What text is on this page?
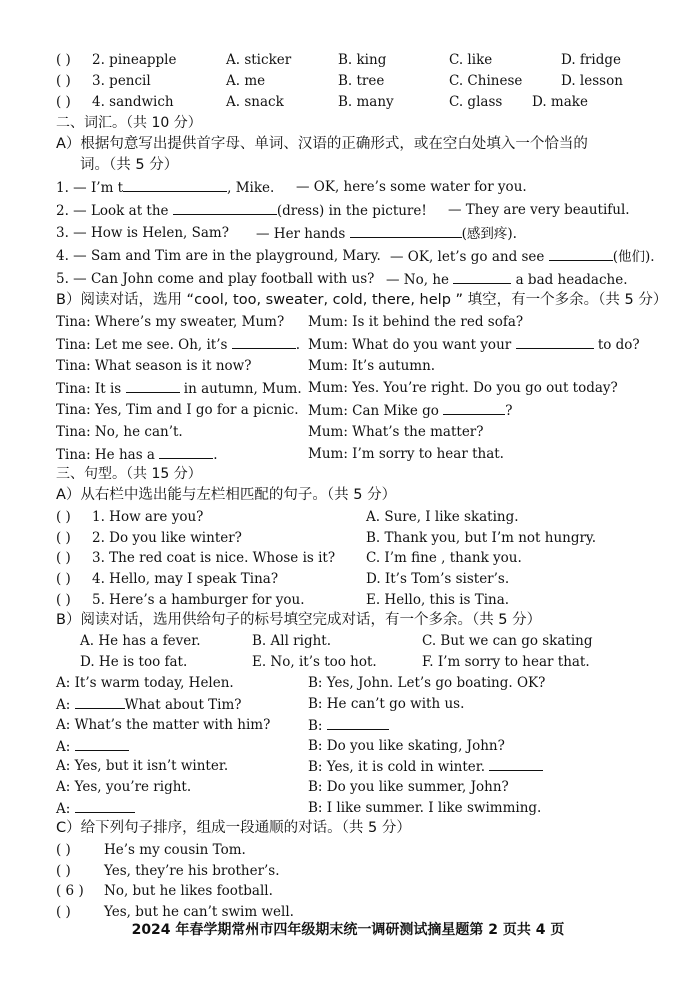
( ) 2. pineapple	A. sticker	B. king	C. like	D. fridge
( ) 3. pencil	A. me	B. tree	C. Chinese	D. lesson
( ) 4. sandwich	A. snack	B. many	C. glass D. make
二、词汇。（共 10 分）
A）根据句意写出提供首字母、单词、汉语的正确形式，或在空白处填入一个恰当的
词。（共 5 分）
1. — I’m t	, Mike. — OK, here’s some water for you.
2. — Look at the	(dress) in the picture! — They are very beautiful.
3. — How is Helen, Sam? — Her hands	(感到疼).
4. — Sam and Tim are in the playground, Mary. — OK, let’s go and see	(他们).
5. — Can John come and play football with us? — No, he	a bad headache.
B）阅读对话，选用 “cool, too, sweater, cold, there, help ” 填空，有一个多余。（共 5 分）
Tina: Where’s my sweater, Mum? Mum: Is it behind the red sofa?
Tina: Let me see. Oh, it’s	. Mum: What do you want your	to do?
Tina: What season is it now?	Mum: It’s autumn.
Tina: It is	in autumn, Mum. Mum: Yes. You’re right. Do you go out today?
Tina: Yes, Tim and I go for a picnic. Mum: Can Mike go	?
Tina: No, he can’t.	Mum: What’s the matter?
Tina: He has a	.	Mum: I’m sorry to hear that.
三、句型。（共 15 分）
A）从右栏中选出能与左栏相匹配的句子。（共 5 分）
( ) 1. How are you?	A. Sure, I like skating.
( ) 2. Do you like winter?	B. Thank you, but I’m not hungry.
( ) 3. The red coat is nice. Whose is it? C. I’m fine , thank you.
( ) 4. Hello, may I speak Tina?	D. It’s Tom’s sister’s.
( ) 5. Here’s a hamburger for you.	E. Hello, this is Tina.
B）阅读对话，选用供给句子的标号填空完成对话，有一个多余。（共 5 分）
A. He has a fever.	B. All right.	C. But we can go skating
D. He is too fat.	E. No, it’s too hot.	F. I’m sorry to hear that.
A: It’s warm today, Helen.	B: Yes, John. Let’s go boating. OK?
A:	What about Tim?	B: He can’t go with us.
A: What’s the matter with him?	B:
A:	B: Do you like skating, John?
A: Yes, but it isn’t winter.	B: Yes, it is cold in winter.
A: Yes, you’re right.	B: Do you like summer, John?
A:	B: I like summer. I like swimming.
C）给下列句子排序，组成一段通顺的对话。（共 5 分）
( ) He’s my cousin Tom.
( ) Yes, they’re his brother’s.
( 6 ) No, but he likes football.
( ) Yes, but he can’t swim well.
2024 年春学期常州市四年级期末统一调研测试摘星题第 2 页共 4 页
